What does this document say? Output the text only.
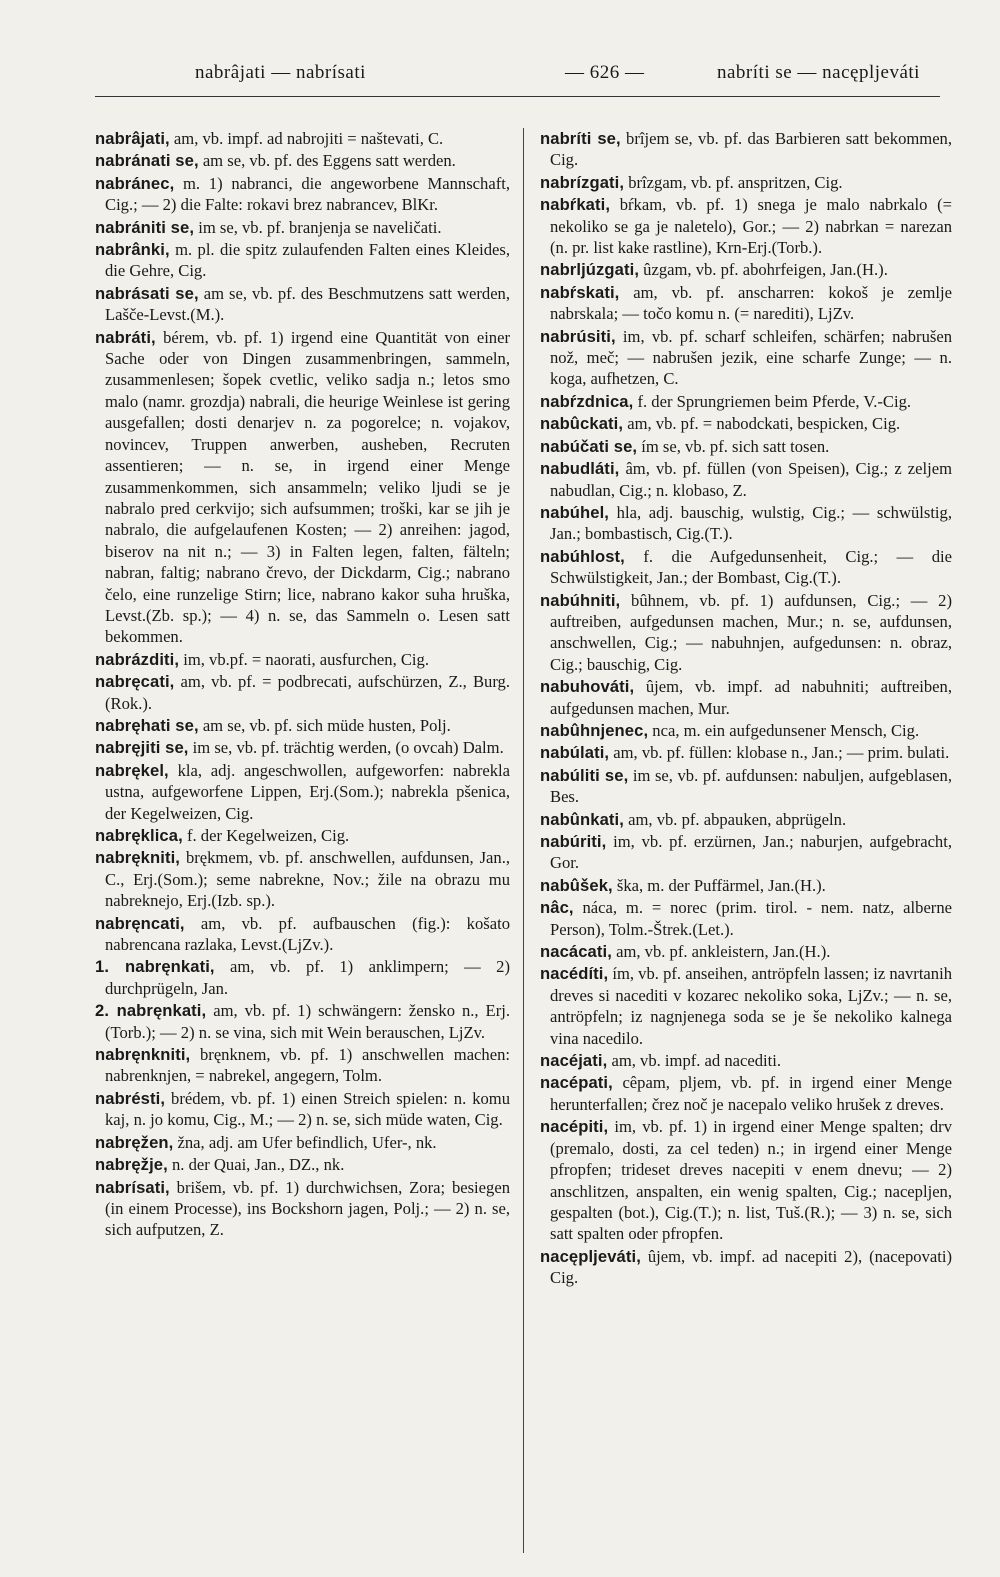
nabrâjati — nabrísati	— 626 —	nabríti se — nacępljeváti

nabrâjati, am, vb. impf. ad nabrojiti = naštevati, C.

nabránati se, am se, vb. pf. des Eggens satt werden.

nabránec, m. 1) nabranci, die angeworbene Mannschaft, Cig.; — 2) die Falte: rokavi brez nabrancev, BlKr.

nabrániti se, im se, vb. pf. branjenja se naveličati.

nabrânki, m. pl. die spitz zulaufenden Falten eines Kleides, die Gehre, Cig.

nabrásati se, am se, vb. pf. des Beschmutzens satt werden, Lašče-Levst.(M.).

nabráti, bérem, vb. pf. 1) irgend eine Quantität von einer Sache oder von Dingen zusammenbringen, sammeln, zusammenlesen; šopek cvetlic, veliko sadja n.; letos smo malo (namr. grozdja) nabrali, die heurige Weinlese ist gering ausgefallen; dosti denarjev n. za pogorelce; n. vojakov, novincev, Truppen anwerben, ausheben, Recruten assentieren; — n. se, in irgend einer Menge zusammenkommen, sich ansammeln; veliko ljudi se je nabralo pred cerkvijo; sich aufsummen; troški, kar se jih je nabralo, die aufgelaufenen Kosten; — 2) anreihen: jagod, biserov na nit n.; — 3) in Falten legen, falten, fälteln; nabran, faltig; nabrano črevo, der Dickdarm, Cig.; nabrano čelo, eine runzelige Stirn; lice, nabrano kakor suha hruška, Levst.(Zb. sp.); — 4) n. se, das Sammeln o. Lesen satt bekommen.

nabrázditi, im, vb.pf. = naorati, ausfurchen, Cig.

nabręcati, am, vb. pf. = podbrecati, aufschürzen, Z., Burg.(Rok.).

nabręhati se, am se, vb. pf. sich müde husten, Polj.

nabręjiti se, im se, vb. pf. trächtig werden, (o ovcah) Dalm.

nabrękel, kla, adj. angeschwollen, aufgeworfen: nabrekla ustna, aufgeworfene Lippen, Erj.(Som.); nabrekla pšenica, der Kegelweizen, Cig.

nabręklica, f. der Kegelweizen, Cig.

nabrękniti, brękmem, vb. pf. anschwellen, aufdunsen, Jan., C., Erj.(Som.); seme nabrekne, Nov.; žile na obrazu mu nabreknejo, Erj.(Izb. sp.).

nabręncati, am, vb. pf. aufbauschen (fig.): košato nabrencana razlaka, Levst.(LjZv.).

1. nabręnkati, am, vb. pf. 1) anklimpern; — 2) durchprügeln, Jan.

2. nabręnkati, am, vb. pf. 1) schwängern: žensko n., Erj.(Torb.); — 2) n. se vina, sich mit Wein berauschen, LjZv.

nabręnkniti, bręnknem, vb. pf. 1) anschwellen machen: nabrenknjen, = nabrekel, angegern, Tolm.

nabrésti, brédem, vb. pf. 1) einen Streich spielen: n. komu kaj, n. jo komu, Cig., M.; — 2) n. se, sich müde waten, Cig.

nabręžen, žna, adj. am Ufer befindlich, Ufer-, nk.

nabręžje, n. der Quai, Jan., DZ., nk.

nabrísati, brišem, vb. pf. 1) durchwichsen, Zora; besiegen (in einem Processe), ins Bockshorn jagen, Polj.; — 2) n. se, sich aufputzen, Z.

nabríti se, brîjem se, vb. pf. das Barbieren satt bekommen, Cig.

nabrízgati, brîzgam, vb. pf. anspritzen, Cig.

nabŕkati, bŕkam, vb. pf. 1) snega je malo nabrkalo (= nekoliko se ga je naletelo), Gor.; — 2) nabrkan = narezan (n. pr. list kake rastline), Krn-Erj.(Torb.).

nabrljúzgati, ûzgam, vb. pf. abohrfeigen, Jan.(H.).

nabŕskati, am, vb. pf. anscharren: kokoš je zemlje nabrskala; — točo komu n. (= narediti), LjZv.

nabrúsiti, im, vb. pf. scharf schleifen, schärfen; nabrušen nož, meč; — nabrušen jezik, eine scharfe Zunge; — n. koga, aufhetzen, C.

nabŕzdnica, f. der Sprungriemen beim Pferde, V.-Cig.

nabûckati, am, vb. pf. = nabodckati, bespicken, Cig.

nabúčati se, ím se, vb. pf. sich satt tosen.

nabudláti, âm, vb. pf. füllen (von Speisen), Cig.; z zeljem nabudlan, Cig.; n. klobaso, Z.

nabúhel, hla, adj. bauschig, wulstig, Cig.; — schwülstig, Jan.; bombastisch, Cig.(T.).

nabúhlost, f. die Aufgedunsenheit, Cig.; — die Schwülstigkeit, Jan.; der Bombast, Cig.(T.).

nabúhniti, bûhnem, vb. pf. 1) aufdunsen, Cig.; — 2) auftreiben, aufgedunsen machen, Mur.; n. se, aufdunsen, anschwellen, Cig.; — nabuhnjen, aufgedunsen: n. obraz, Cig.; bauschig, Cig.

nabuhováti, ûjem, vb. impf. ad nabuhniti; auftreiben, aufgedunsen machen, Mur.

nabûhnjenec, nca, m. ein aufgedunsener Mensch, Cig.

nabúlati, am, vb. pf. füllen: klobase n., Jan.; — prim. bulati.

nabúliti se, im se, vb. pf. aufdunsen: nabuljen, aufgeblasen, Bes.

nabûnkati, am, vb. pf. abpauken, abprügeln.

nabúriti, im, vb. pf. erzürnen, Jan.; naburjen, aufgebracht, Gor.

nabûšek, ška, m. der Puffärmel, Jan.(H.).

nâc, náca, m. = norec (prim. tirol. - nem. natz, alberne Person), Tolm.-Štrek.(Let.).

nacácati, am, vb. pf. ankleistern, Jan.(H.).

nacédíti, ím, vb. pf. anseihen, antröpfeln lassen; iz navrtanih dreves si nacediti v kozarec nekoliko soka, LjZv.; — n. se, antröpfeln; iz nagnjenega soda se je še nekoliko kalnega vina nacedilo.

nacéjati, am, vb. impf. ad nacediti.

nacépati, cêpam, pljem, vb. pf. in irgend einer Menge herunterfallen; črez noč je nacepalo veliko hrušek z dreves.

nacépiti, im, vb. pf. 1) in irgend einer Menge spalten; drv (premalo, dosti, za cel teden) n.; in irgend einer Menge pfropfen; trideset dreves nacepiti v enem dnevu; — 2) anschlitzen, anspalten, ein wenig spalten, Cig.; nacepljen, gespalten (bot.), Cig.(T.); n. list, Tuš.(R.); — 3) n. se, sich satt spalten oder pfropfen.

nacępljeváti, ûjem, vb. impf. ad nacepiti 2), (nacepovati) Cig.
